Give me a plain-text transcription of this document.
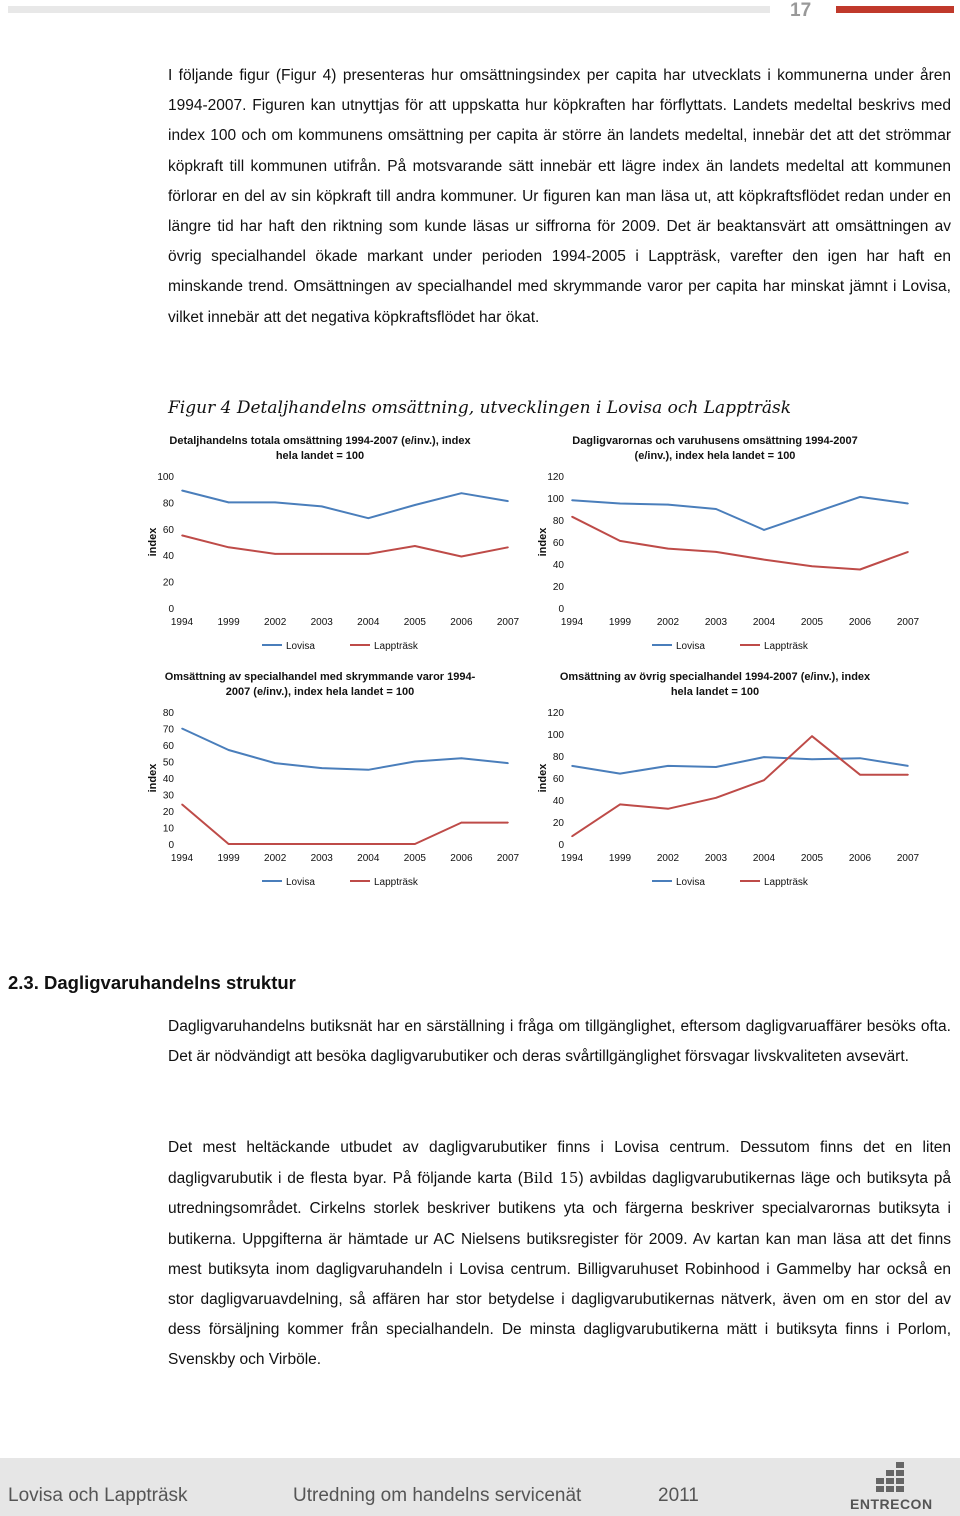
17

I följande figur (Figur 4) presenteras hur omsättningsindex per capita har utvecklats i kommunerna under åren 1994-2007. Figuren kan utnyttjas för att uppskatta hur köpkraften har förflyttats. Landets medeltal beskrivs med index 100 och om kommunens omsättning per capita är större än landets medeltal, innebär det att det strömmar köpkraft till kommunen utifrån. På motsvarande sätt innebär ett lägre index än landets medeltal att kommunen förlorar en del av sin köpkraft till andra kommuner. Ur figuren kan man läsa ut, att köpkraftsflödet redan under en längre tid har haft den riktning som kunde läsas ur siffrorna för 2009. Det är beaktansvärt att omsättningen av övrig specialhandel ökade markant under perioden 1994-2005 i Lappträsk, varefter den igen har haft en minskande trend. Omsättningen av specialhandel med skrymmande varor per capita har minskat jämnt i Lovisa, vilket innebär att det negativa köpkraftsflödet har ökat.

Figur 4 Detaljhandelns omsättning, utvecklingen i Lovisa och Lappträsk
Detaljhandelns totala omsättning 1994-2007 (e/inv.), index
hela landet = 100
index
0
20
40
60
80
100
1994 1999 2002 2003 2004 2005 2006 2007
Lovisa	Lappträsk
Dagligvarornas och varuhusens omsättning 1994-2007
(e/inv.), index hela landet = 100
index
0
20
40
60
80
100
120
1994	1999	2002	2003	2004	2005	2006	2007
Lovisa	Lappträsk
Omsättning av specialhandel med skrymmande varor 1994-
2007 (e/inv.), index hela landet = 100
index
0
10
20
30
40
50
60
70
80
1994 1999 2002 2003 2004 2005 2006 2007
Lovisa	Lappträsk
Omsättning av övrig specialhandel 1994-2007 (e/inv.), index
hela landet = 100
index
0
20
40
60
80
100
120
1994	1999	2002	2003	2004	2005	2006	2007
Lovisa	Lappträsk
2.3. Dagligvaruhandelns struktur

Dagligvaruhandelns butiksnät har en särställning i fråga om tillgänglighet, eftersom dagligvaruaffärer besöks ofta. Det är nödvändigt att besöka dagligvarubutiker och deras svårtillgänglighet försvagar livskvaliteten avsevärt.

Det mest heltäckande utbudet av dagligvarubutiker finns i Lovisa centrum. Dessutom finns det en liten dagligvarubutik i de flesta byar. På följande karta (Bild 15) avbildas dagligvarubutikernas läge och butiksyta på utredningsområdet. Cirkelns storlek beskriver butikens yta och färgerna beskriver specialvarornas butiksyta i butikerna. Uppgifterna är hämtade ur AC Nielsens butiksregister för 2009. Av kartan kan man läsa att det finns mest butiksyta inom dagligvaruhandeln i Lovisa centrum. Billigvaruhuset Robinhood i Gammelby har också en stor dagligvaruavdelning, så affären har stor betydelse i dagligvarubutikernas nätverk, även om en stor del av dess försäljning kommer från specialhandeln. De minsta dagligvarubutikerna mätt i butiksyta finns i Porlom, Svenskby och Virböle.

Lovisa och Lappträsk	Utredning om handelns servicenät	2011	ENTRECON
